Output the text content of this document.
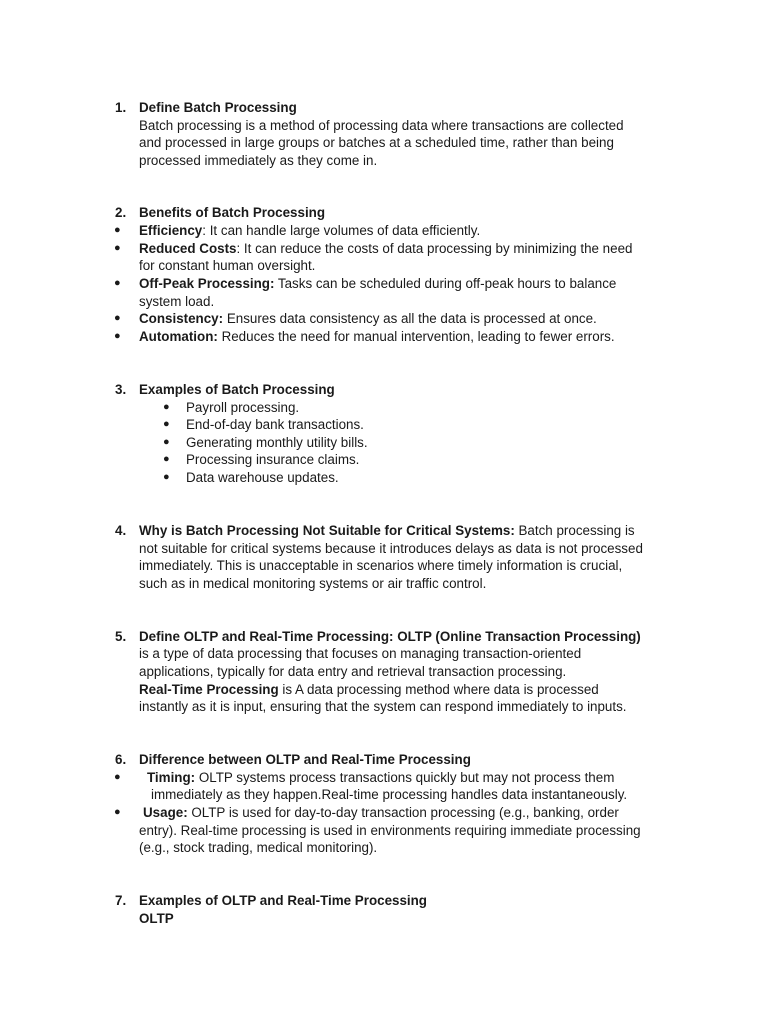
1. Define Batch Processing
Batch processing is a method of processing data where transactions are collected
and processed in large groups or batches at a scheduled time, rather than being
processed immediately as they come in.
2. Benefits of Batch Processing
● Efficiency: It can handle large volumes of data efficiently.
● Reduced Costs: It can reduce the costs of data processing by minimizing the need
for constant human oversight.
● Off-Peak Processing: Tasks can be scheduled during off-peak hours to balance
system load.
● Consistency: Ensures data consistency as all the data is processed at once.
● Automation: Reduces the need for manual intervention, leading to fewer errors.
3. Examples of Batch Processing
● Payroll processing.
● End-of-day bank transactions.
● Generating monthly utility bills.
● Processing insurance claims.
● Data warehouse updates.
4. Why is Batch Processing Not Suitable for Critical Systems: Batch processing is
not suitable for critical systems because it introduces delays as data is not processed
immediately. This is unacceptable in scenarios where timely information is crucial,
such as in medical monitoring systems or air traffic control.
5. Define OLTP and Real-Time Processing: OLTP (Online Transaction Processing)
is a type of data processing that focuses on managing transaction-oriented
applications, typically for data entry and retrieval transaction processing.
Real-Time Processing is A data processing method where data is processed
instantly as it is input, ensuring that the system can respond immediately to inputs.
6. Difference between OLTP and Real-Time Processing
● Timing: OLTP systems process transactions quickly but may not process them
immediately as they happen.Real-time processing handles data instantaneously.
● Usage: OLTP is used for day-to-day transaction processing (e.g., banking, order
entry). Real-time processing is used in environments requiring immediate processing
(e.g., stock trading, medical monitoring).
7. Examples of OLTP and Real-Time Processing
OLTP
